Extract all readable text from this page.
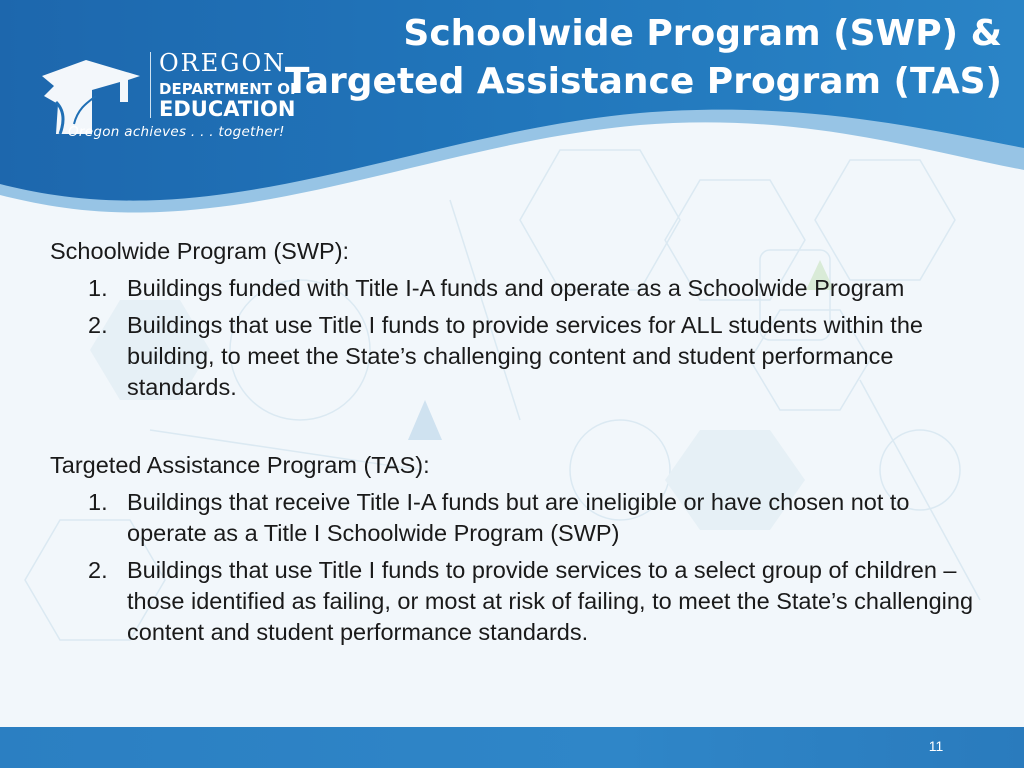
OREGON
DEPARTMENT OF
EDUCATION
Oregon achieves . . . together!
Schoolwide Program (SWP) &
Targeted Assistance Program (TAS)

Schoolwide Program (SWP):

1. Buildings funded with Title I-A funds and operate as a Schoolwide Program
2. Buildings that use Title I funds to provide services for ALL students within the building, to meet the State’s challenging content and student performance standards.

Targeted Assistance Program (TAS):

1. Buildings that receive Title I-A funds but are ineligible or have chosen not to operate as a Title I Schoolwide Program (SWP)
2. Buildings that use Title I funds to provide services to a select group of children – those identified as failing, or most at risk of failing, to meet the State’s challenging content and student performance standards.
11
